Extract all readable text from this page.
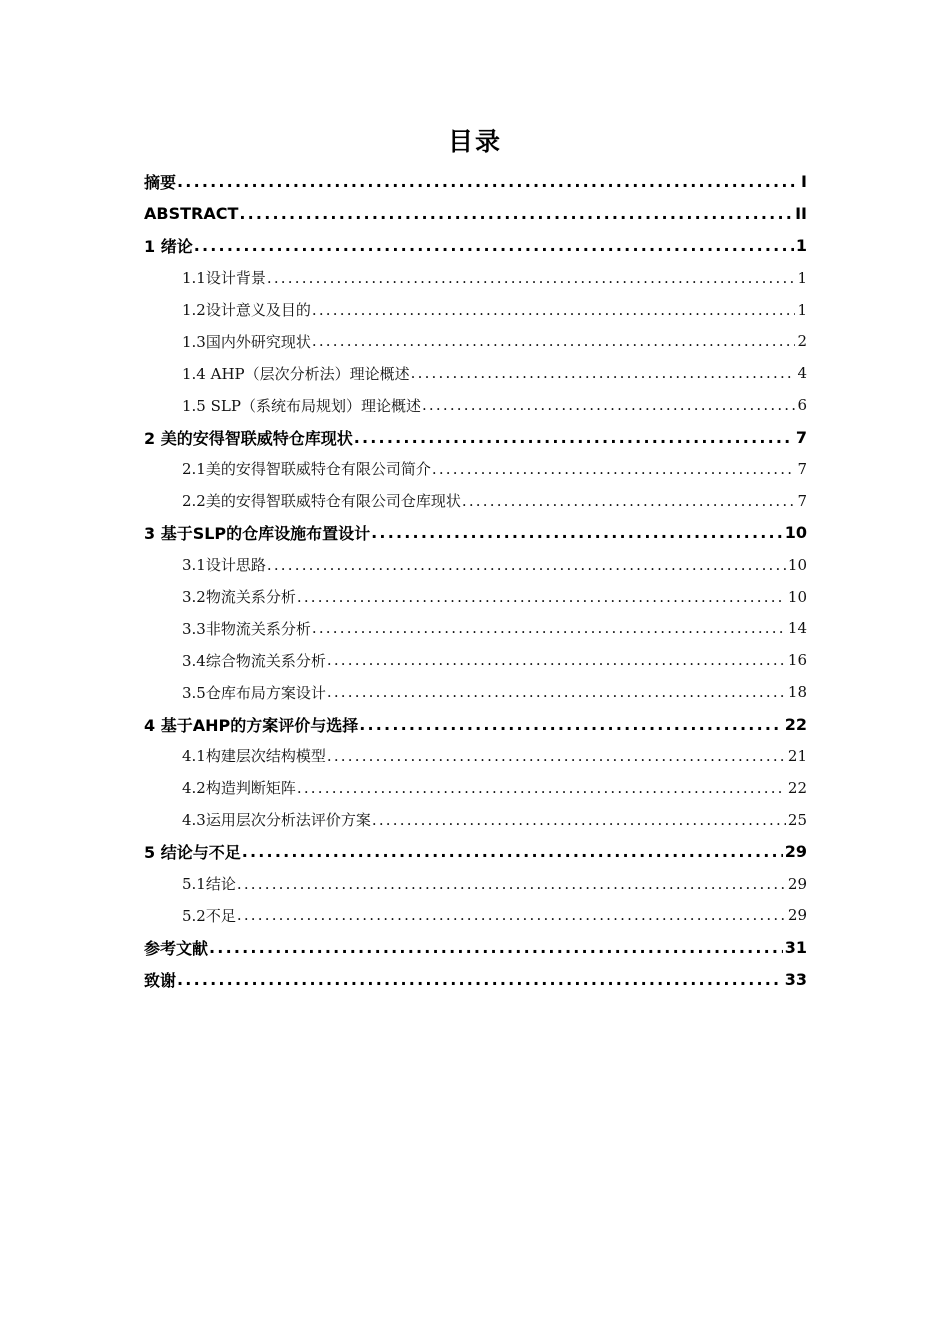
目录
摘要 .....	I
ABSTRACT .....	II
1 绪论 .....	1
1.1设计背景 .....	1
1.2设计意义及目的 .....	1
1.3国内外研究现状 .....	2
1.4 AHP（层次分析法）理论概述 .....	4
1.5 SLP（系统布局规划）理论概述 .....	6
2 美的安得智联威特仓库现状 .....	7
2.1美的安得智联威特仓有限公司简介 .....	7
2.2美的安得智联威特仓有限公司仓库现状 .....	7
3 基于SLP的仓库设施布置设计 .....	10
3.1设计思路 .....	10
3.2物流关系分析 .....	10
3.3非物流关系分析 .....	14
3.4综合物流关系分析 .....	16
3.5仓库布局方案设计 .....	18
4 基于AHP的方案评价与选择 .....	22
4.1构建层次结构模型 .....	21
4.2构造判断矩阵 .....	22
4.3运用层次分析法评价方案 .....	25
5 结论与不足 .....	29
5.1结论 .....	29
5.2不足 .....	29
参考文献 .....	31
致谢 .....	33
